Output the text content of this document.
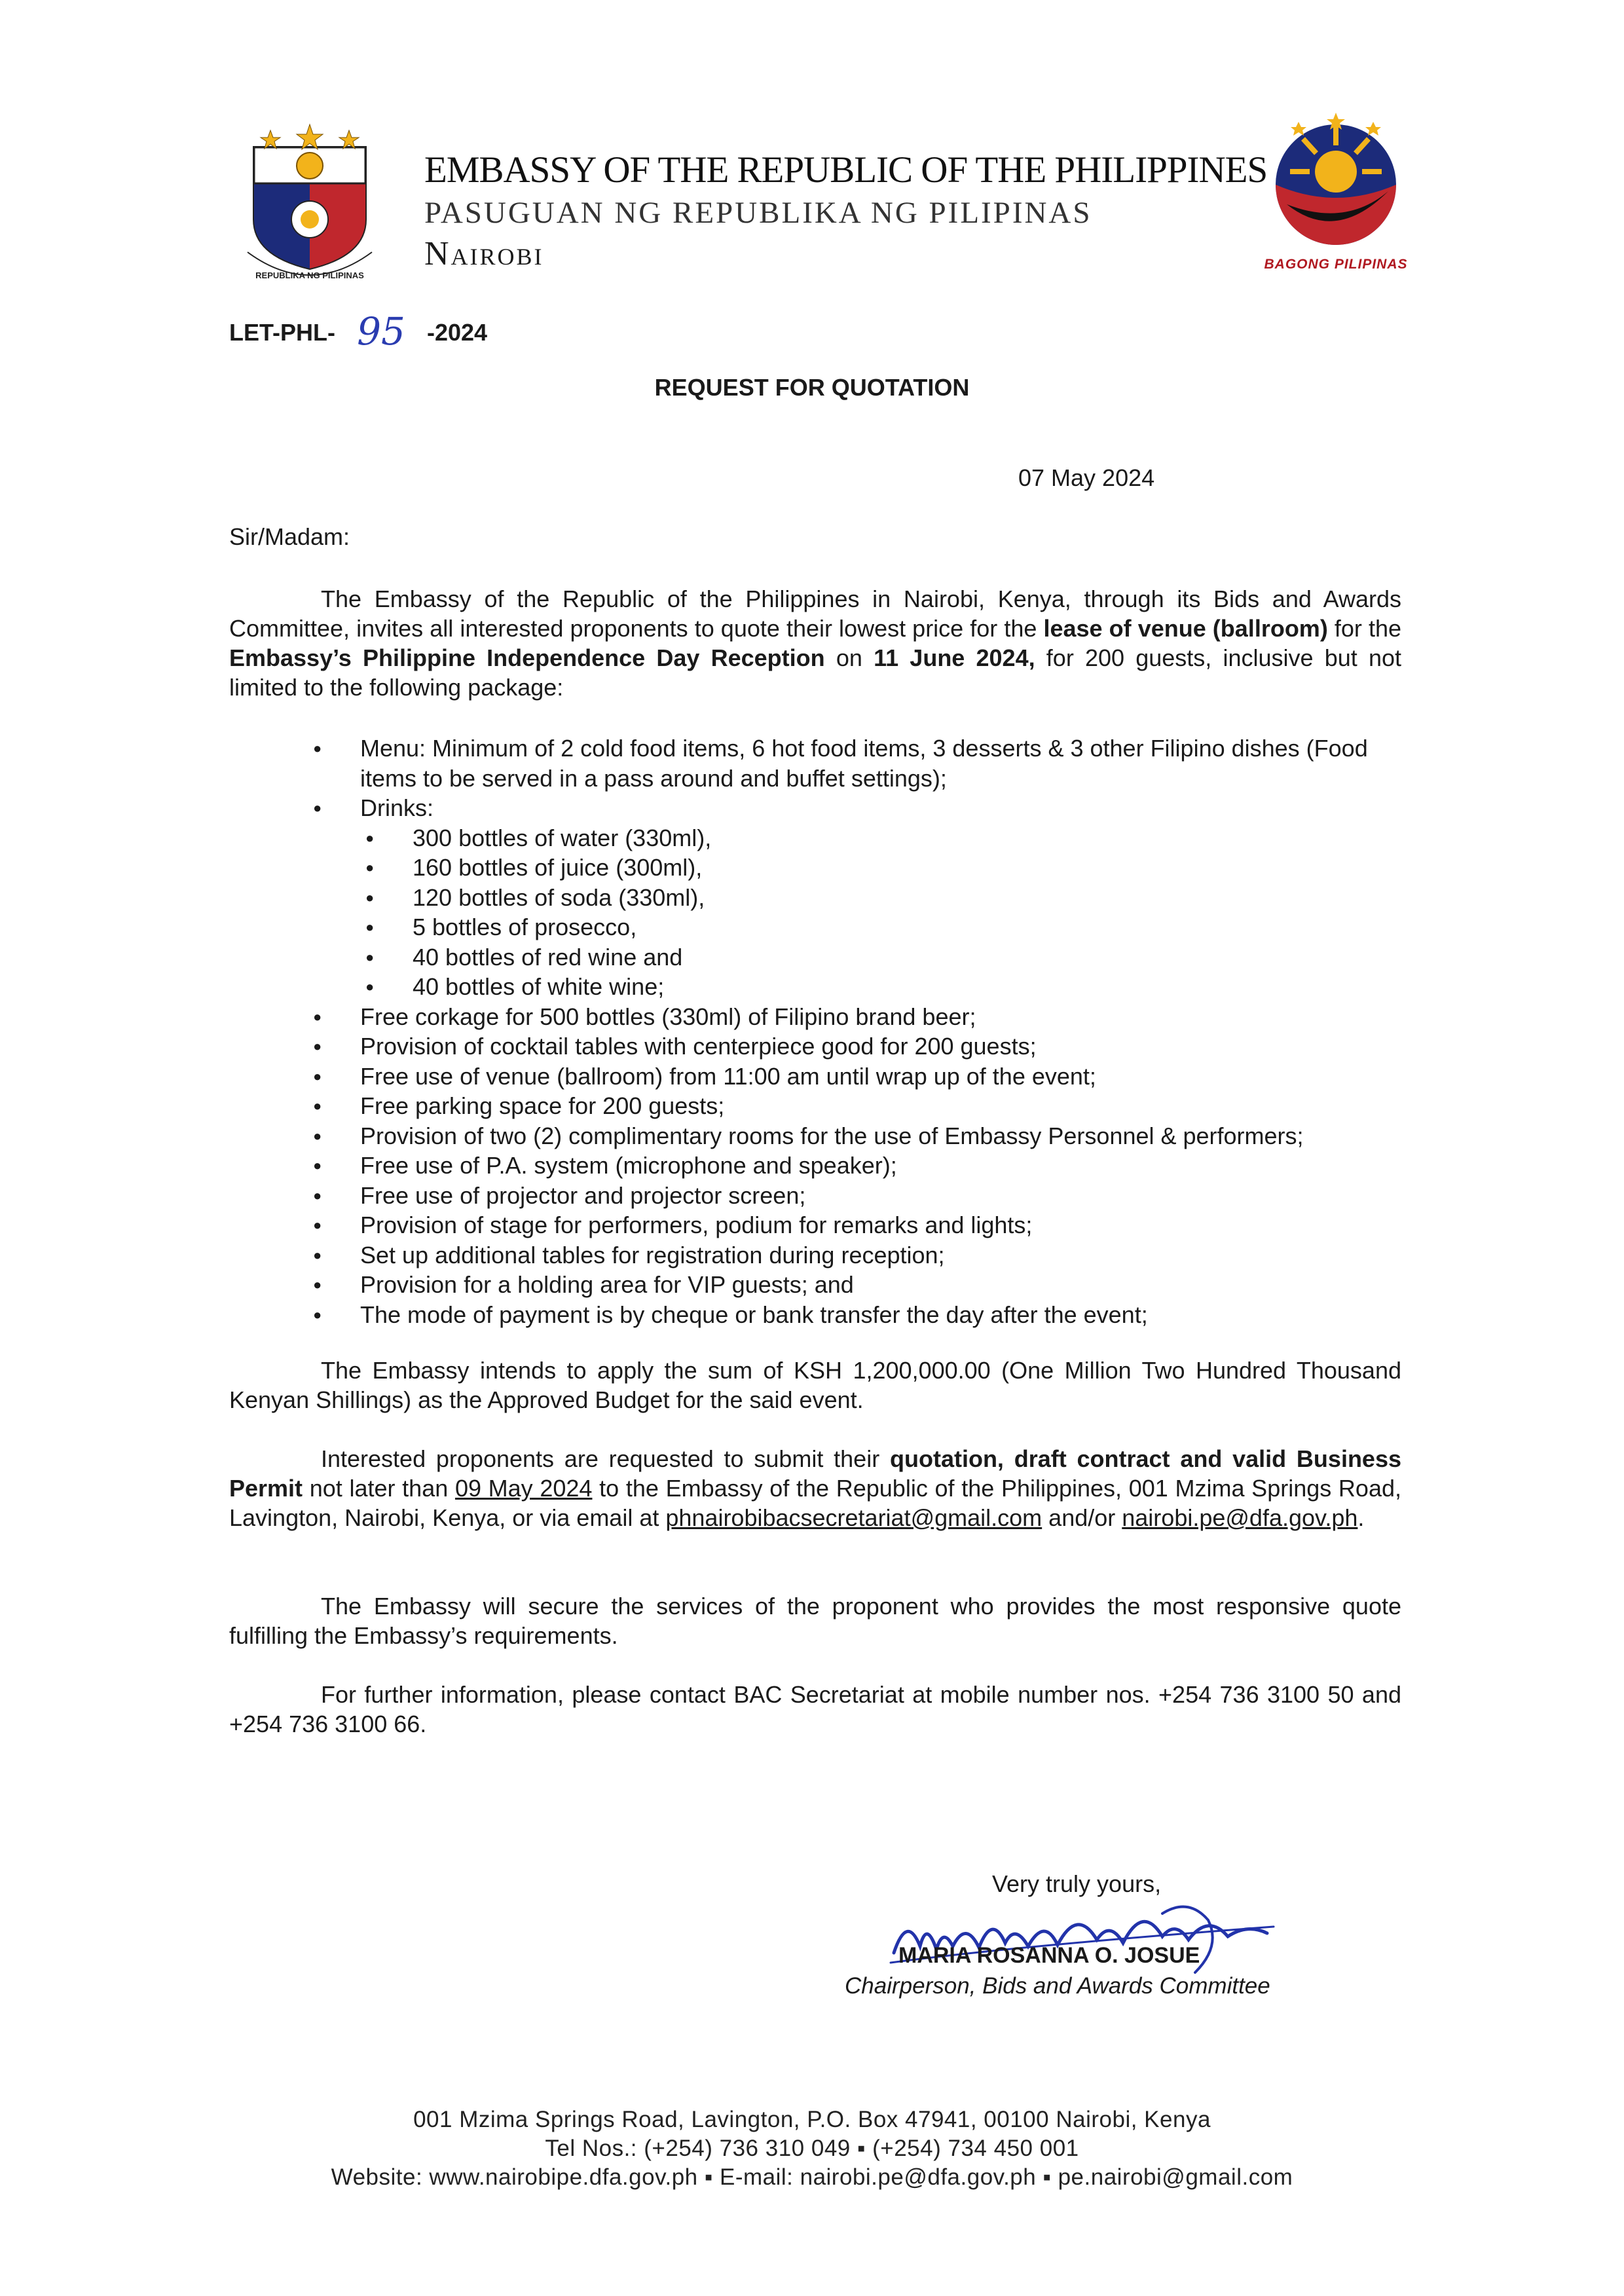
REPUBLIKA NG PILIPINAS
EMBASSY OF THE REPUBLIC OF THE PHILIPPINES
PASUGUAN NG REPUBLIKA NG PILIPINAS
Nairobi	BAGONG PILIPINAS
LET-PHL- 95 -2024
REQUEST FOR QUOTATION
07 May 2024
Sir/Madam:

The Embassy of the Republic of the Philippines in Nairobi, Kenya, through its Bids and Awards Committee, invites all interested proponents to quote their lowest price for the lease of venue (ballroom) for the Embassy’s Philippine Independence Day Reception on 11 June 2024, for 200 guests, inclusive but not limited to the following package:

● Menu: Minimum of 2 cold food items, 6 hot food items, 3 desserts & 3 other Filipino dishes (Food items to be served in a pass around and buffet settings);
● Drinks:
● 300 bottles of water (330ml),
● 160 bottles of juice (300ml),
● 120 bottles of soda (330ml),
● 5 bottles of prosecco,
● 40 bottles of red wine and
● 40 bottles of white wine;
● Free corkage for 500 bottles (330ml) of Filipino brand beer;
● Provision of cocktail tables with centerpiece good for 200 guests;
● Free use of venue (ballroom) from 11:00 am until wrap up of the event;
● Free parking space for 200 guests;
● Provision of two (2) complimentary rooms for the use of Embassy Personnel & performers;
● Free use of P.A. system (microphone and speaker);
● Free use of projector and projector screen;
● Provision of stage for performers, podium for remarks and lights;
● Set up additional tables for registration during reception;
● Provision for a holding area for VIP guests; and
● The mode of payment is by cheque or bank transfer the day after the event;

The Embassy intends to apply the sum of KSH 1,200,000.00 (One Million Two Hundred Thousand Kenyan Shillings) as the Approved Budget for the said event.

Interested proponents are requested to submit their quotation, draft contract and valid Business Permit not later than 09 May 2024 to the Embassy of the Republic of the Philippines, 001 Mzima Springs Road, Lavington, Nairobi, Kenya, or via email at phnairobibacsecretariat@gmail.com and/or nairobi.pe@dfa.gov.ph.

The Embassy will secure the services of the proponent who provides the most responsive quote fulfilling the Embassy’s requirements.

For further information, please contact BAC Secretariat at mobile number nos. +254 736 3100 50 and +254 736 3100 66.

Very truly yours,
MARIA ROSANNA O. JOSUE
Chairperson, Bids and Awards Committee
001 Mzima Springs Road, Lavington, P.O. Box 47941, 00100 Nairobi, Kenya
Tel Nos.: (+254) 736 310 049 ▪ (+254) 734 450 001
Website: www.nairobipe.dfa.gov.ph ▪ E-mail: nairobi.pe@dfa.gov.ph ▪ pe.nairobi@gmail.com
